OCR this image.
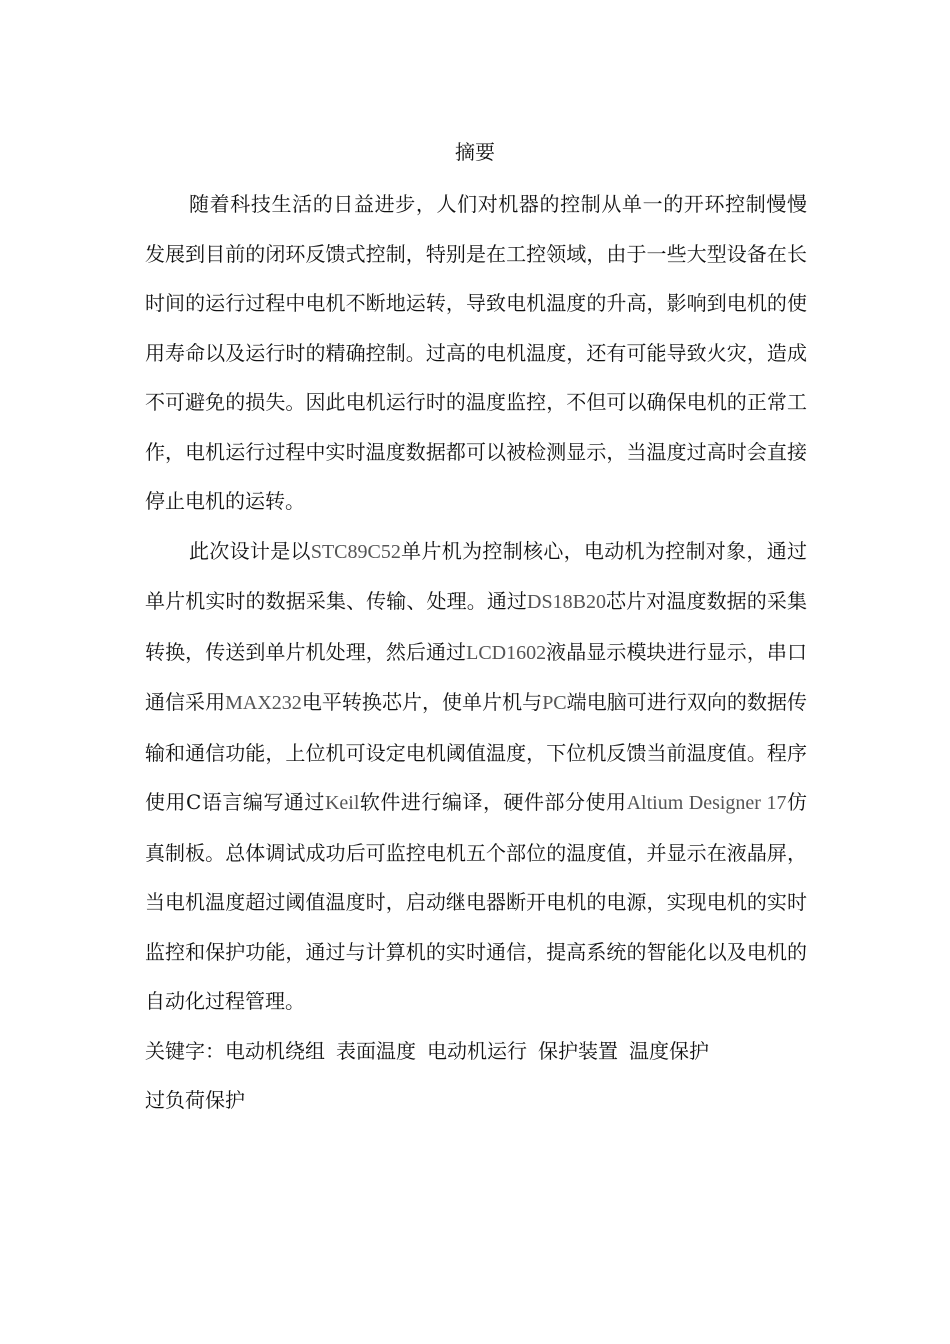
摘要

随着科技生活的日益进步，人们对机器的控制从单一的开环控制慢慢发展到目前的闭环反馈式控制，特别是在工控领域，由于一些大型设备在长时间的运行过程中电机不断地运转，导致电机温度的升高，影响到电机的使用寿命以及运行时的精确控制。过高的电机温度，还有可能导致火灾，造成不可避免的损失。因此电机运行时的温度监控，不但可以确保电机的正常工作，电机运行过程中实时温度数据都可以被检测显示，当温度过高时会直接停止电机的运转。

此次设计是以STC89C52单片机为控制核心，电动机为控制对象，通过单片机实时的数据采集、传输、处理。通过DS18B20芯片对温度数据的采集转换，传送到单片机处理，然后通过LCD1602液晶显示模块进行显示，串口通信采用MAX232电平转换芯片，使单片机与PC端电脑可进行双向的数据传输和通信功能，上位机可设定电机阈值温度，下位机反馈当前温度值。程序使用C语言编写通过Keil软件进行编译，硬件部分使用Altium Designer 17仿真制板。总体调试成功后可监控电机五个部位的温度值，并显示在液晶屏，当电机温度超过阈值温度时，启动继电器断开电机的电源，实现电机的实时监控和保护功能，通过与计算机的实时通信，提高系统的智能化以及电机的自动化过程管理。

关键字：电动机绕组 表面温度 电动机运行 保护装置 温度保护
过负荷保护
